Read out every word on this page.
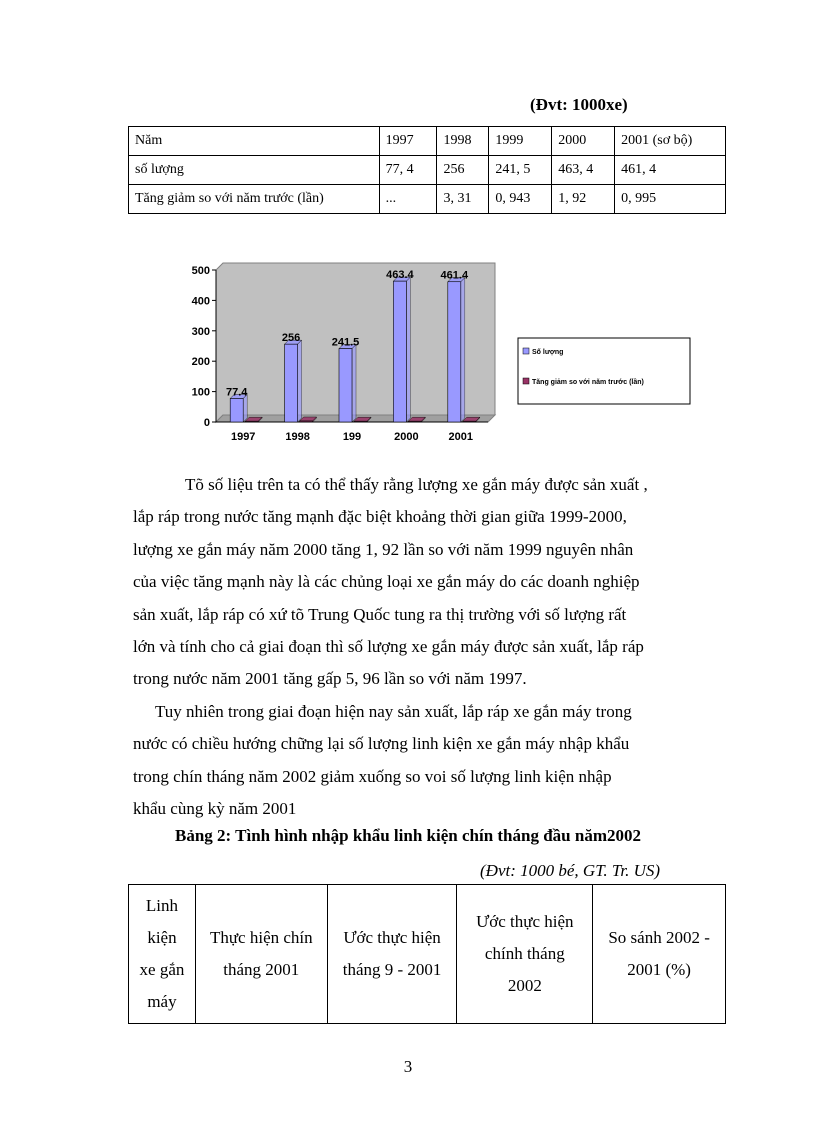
(Đvt: 1000xe)
Năm	1997	1998	1999	2000	2001 (sơ bộ)
số lượng	77, 4	256	241, 5	463, 4	461, 4
Tăng giảm so với năm trước (lần)	...	3, 31	0, 943	1, 92	0, 995
500
400
300
200
100
0
77.4
1997
256
1998
241.5
199
463.4
2000
461.4
2001
Số lượng
Tăng giảm so với năm trước (lần)
Tõ số liệu trên ta có thể thấy rằng lượng xe gắn máy được sản xuất ,
lắp ráp trong nước tăng mạnh đặc biệt khoảng thời gian giữa 1999-2000,
lượng xe gắn máy năm 2000 tăng 1, 92 lần so với năm 1999 nguyên nhân
của việc tăng mạnh này là các chủng loại xe gắn máy do các doanh nghiệp
sản xuất, lắp ráp có xứ tõ Trung Quốc tung ra thị trường với số lượng rất
lớn và tính cho cả giai đoạn thì số lượng xe gắn máy được sản xuất, lắp ráp
trong nước năm 2001 tăng gấp 5, 96 lần so với năm 1997.
Tuy nhiên trong giai đoạn hiện nay sản xuất, lắp ráp xe gắn máy trong
nước có chiều hướng chững lại số lượng linh kiện xe gắn máy nhập khẩu
trong chín tháng năm 2002 giảm xuống so voi số lượng linh kiện nhập
khẩu cùng kỳ năm 2001
Bảng 2: Tình hình nhập khẩu linh kiện chín tháng đầu năm2002
(Đvt: 1000 bé, GT. Tr. US)
Linh
kiện
xe gắn
máy

Thực hiện chín
tháng 2001

Ước thực hiện
tháng 9 - 2001

Ước thực hiện
chính tháng
2002

So sánh 2002 -
2001 (%)
3
